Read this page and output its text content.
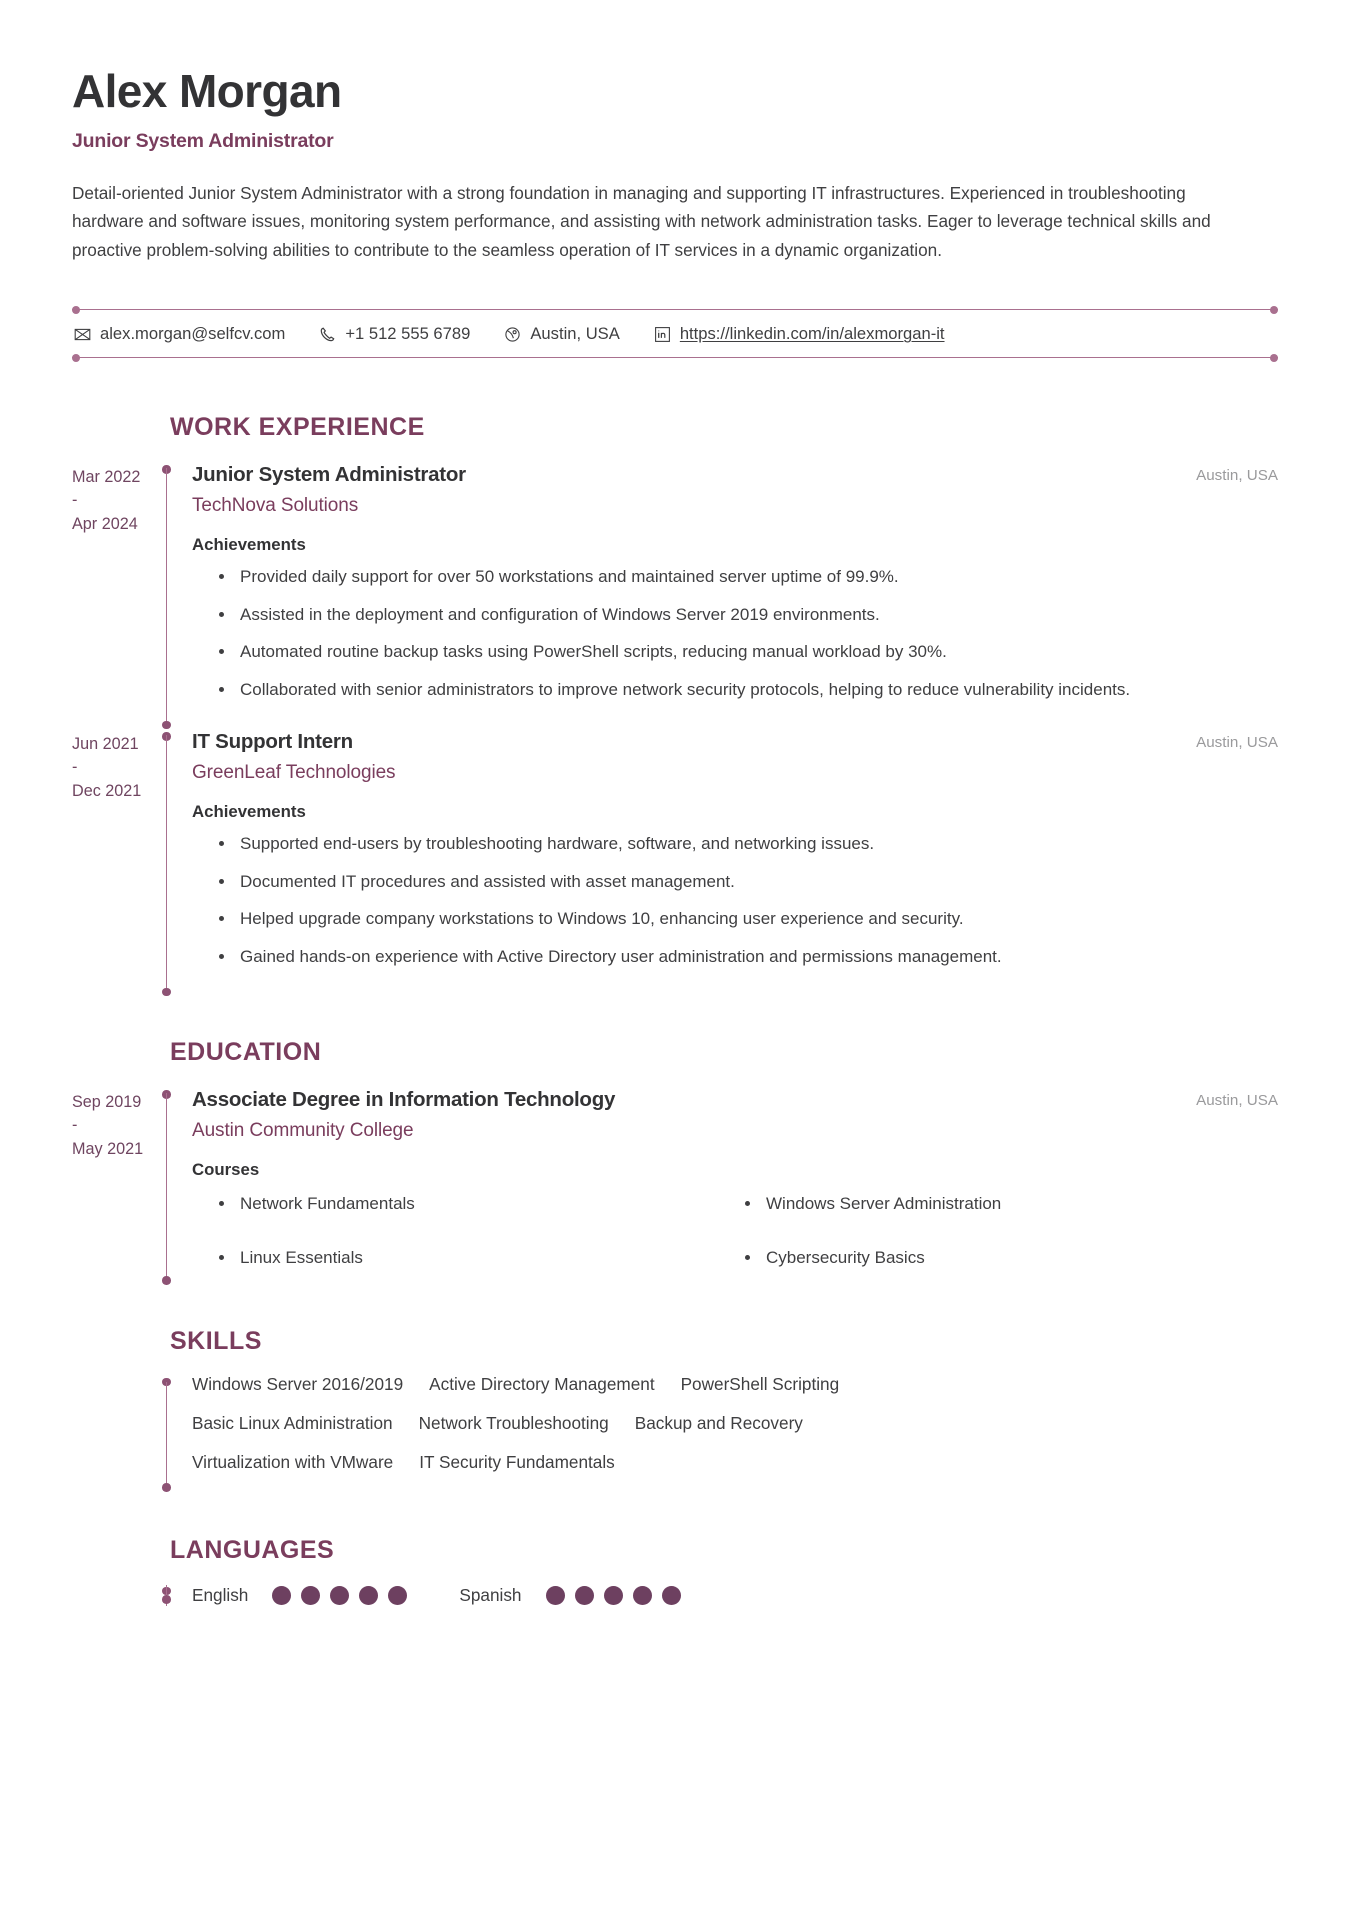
Alex Morgan
Junior System Administrator

Detail-oriented Junior System Administrator with a strong foundation in managing and supporting IT infrastructures. Experienced in troubleshooting hardware and software issues, monitoring system performance, and assisting with network administration tasks. Eager to leverage technical skills and proactive problem-solving abilities to contribute to the seamless operation of IT services in a dynamic organization.

alex.morgan@selfcv.com	+1 512 555 6789	Austin, USA	https://linkedin.com/in/alexmorgan-it
WORK EXPERIENCE
Mar 2022
-
Apr 2024
Junior System Administrator	Austin, USA
TechNova Solutions
Achievements
Provided daily support for over 50 workstations and maintained server uptime of 99.9%.
Assisted in the deployment and configuration of Windows Server 2019 environments.
Automated routine backup tasks using PowerShell scripts, reducing manual workload by 30%.
Collaborated with senior administrators to improve network security protocols, helping to reduce vulnerability incidents.
Jun 2021
-
Dec 2021
IT Support Intern	Austin, USA
GreenLeaf Technologies
Achievements
Supported end-users by troubleshooting hardware, software, and networking issues.
Documented IT procedures and assisted with asset management.
Helped upgrade company workstations to Windows 10, enhancing user experience and security.
Gained hands-on experience with Active Directory user administration and permissions management.
EDUCATION
Sep 2019
-
May 2021
Associate Degree in Information Technology	Austin, USA
Austin Community College
Courses
Network Fundamentals	Windows Server Administration
Linux Essentials	Cybersecurity Basics
SKILLS
Windows Server 2016/2019	Active Directory Management	PowerShell Scripting
Basic Linux Administration	Network Troubleshooting	Backup and Recovery
Virtualization with VMware	IT Security Fundamentals
LANGUAGES
English	Spanish
